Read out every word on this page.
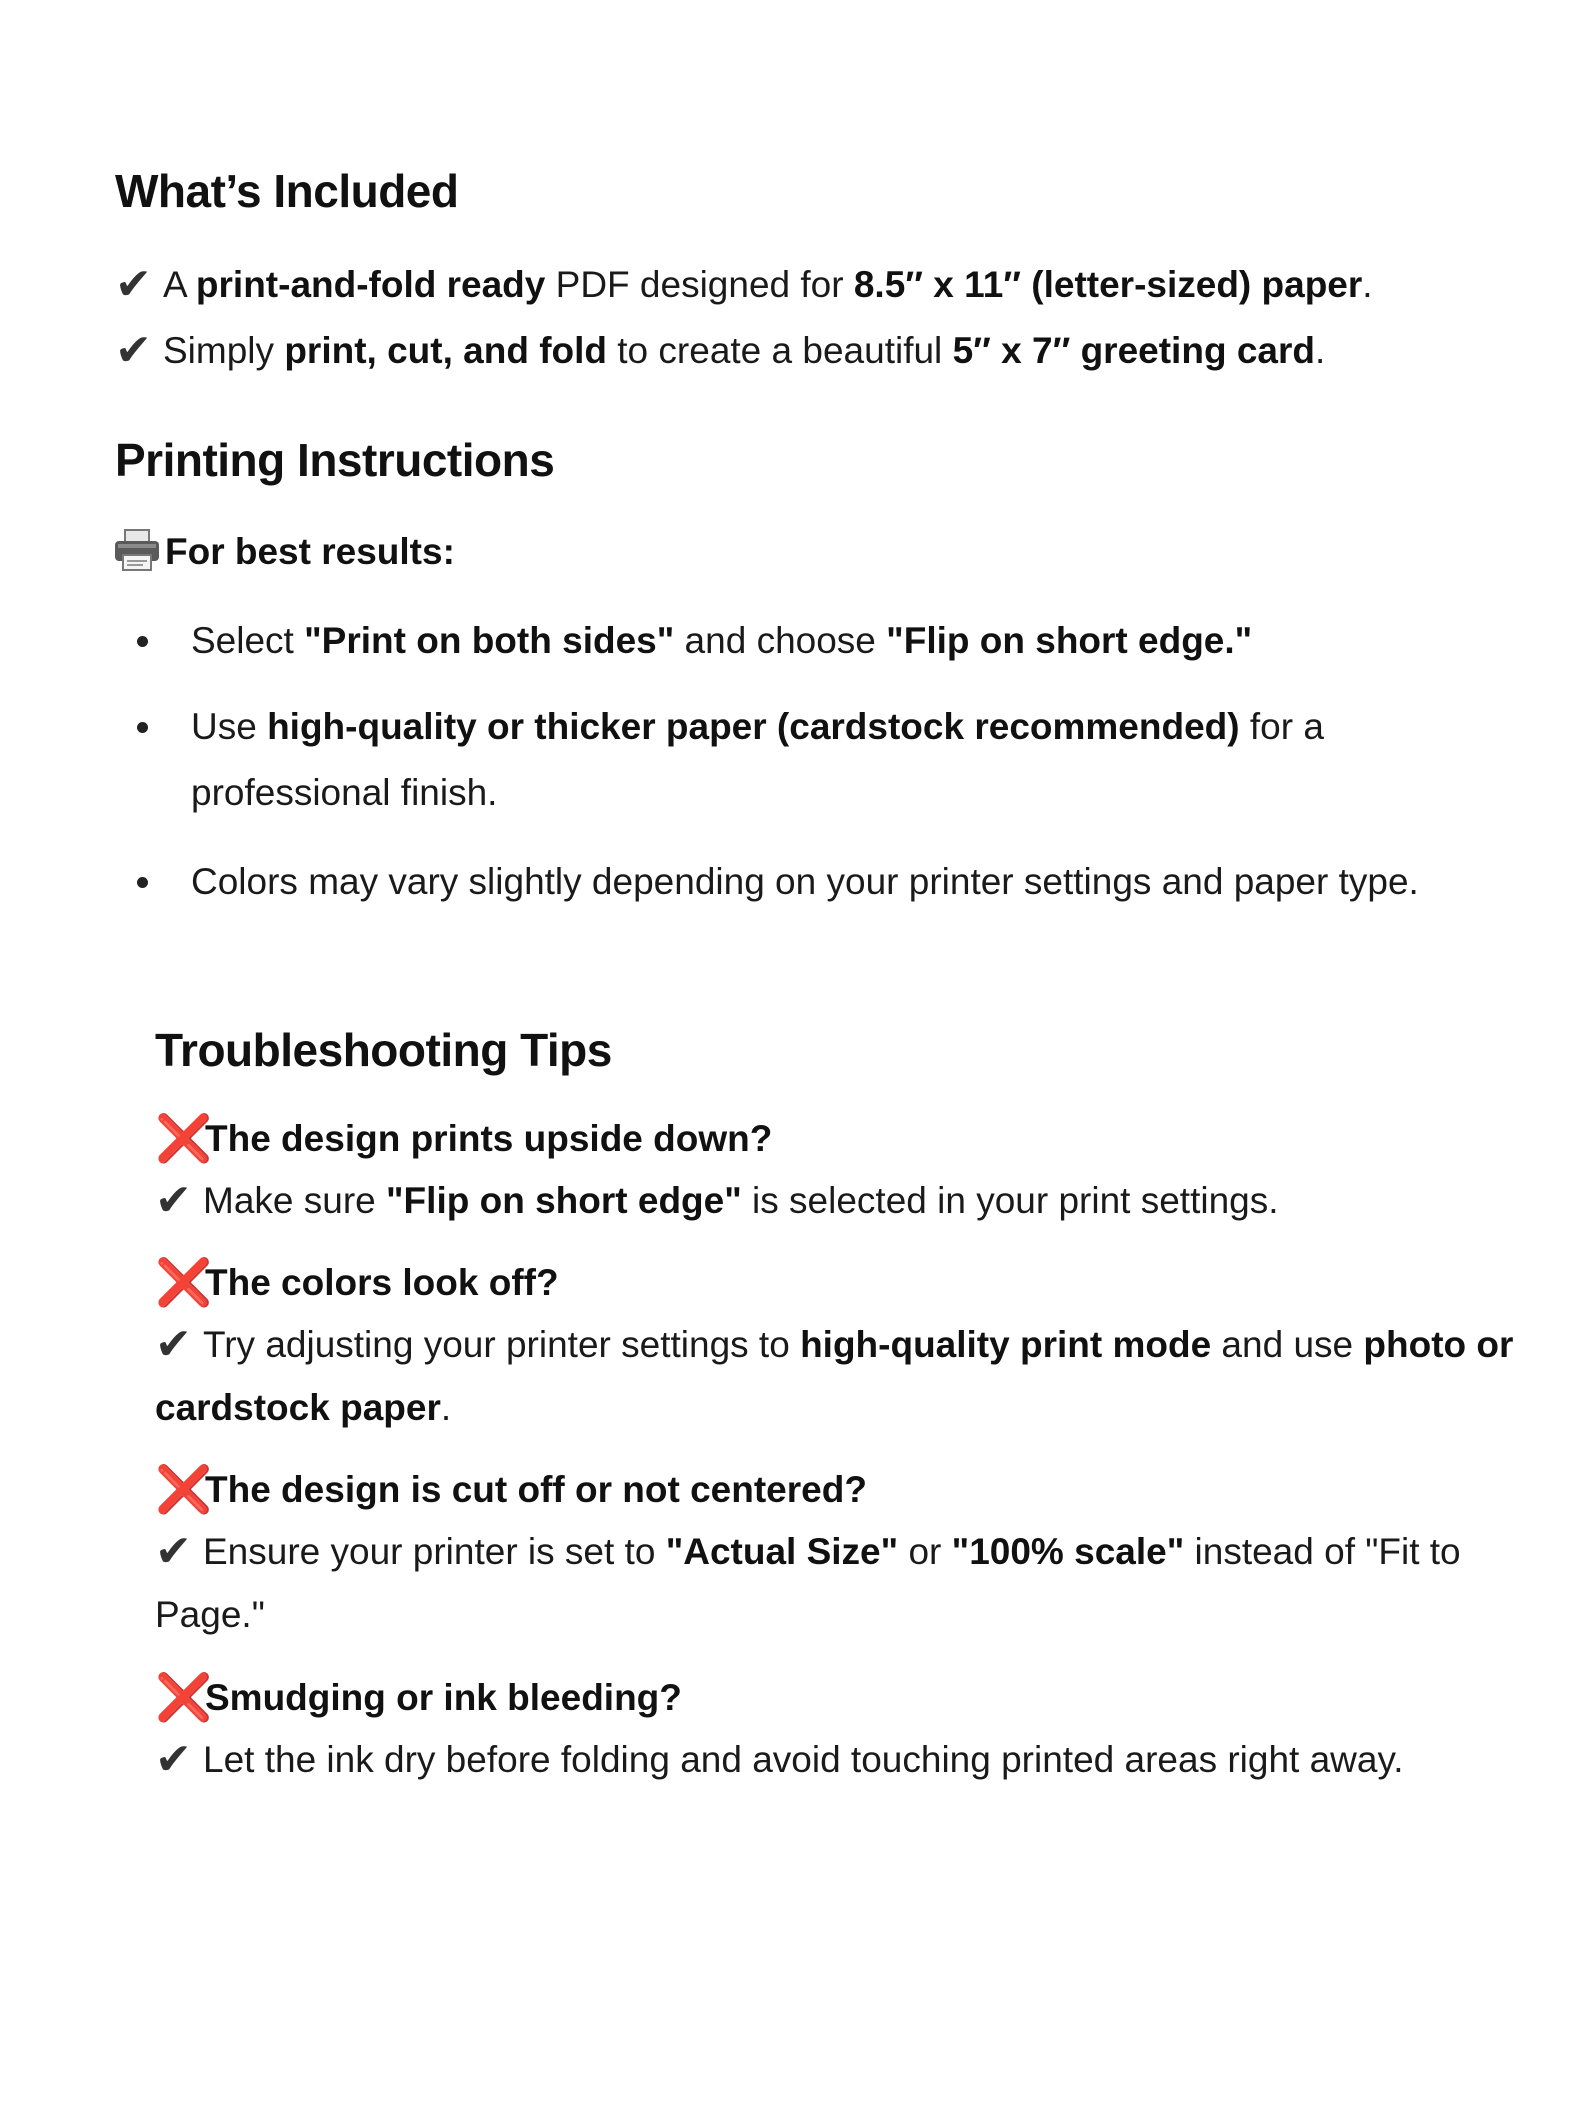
What’s Included
✔ A print-and-fold ready PDF designed for 8.5″ x 11″ (letter-sized) paper.
✔ Simply print, cut, and fold to create a beautiful 5″ x 7″ greeting card.
Printing Instructions
For best results:
Select "Print on both sides" and choose "Flip on short edge."
Use high-quality or thicker paper (cardstock recommended) for a
professional finish.
Colors may vary slightly depending on your printer settings and paper type.
Troubleshooting Tips
❌The design prints upside down?
✔ Make sure "Flip on short edge" is selected in your print settings.
❌The colors look off?
✔ Try adjusting your printer settings to high-quality print mode and use photo or
cardstock paper.
❌The design is cut off or not centered?
✔ Ensure your printer is set to "Actual Size" or "100% scale" instead of "Fit to
Page."
❌Smudging or ink bleeding?
✔ Let the ink dry before folding and avoid touching printed areas right away.
